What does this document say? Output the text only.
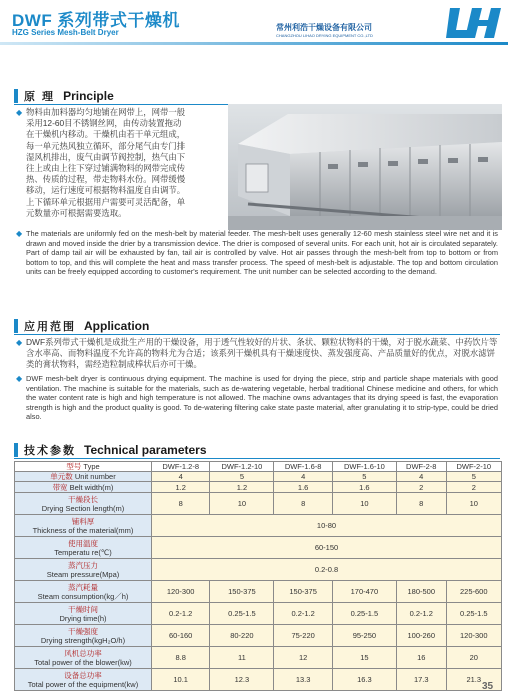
DWF 系列带式干燥机
HZG Series Mesh-Belt Dryer
常州利浩干燥设备有限公司
CHANGZHOU LIHAO DRYING EQUIPMENT CO.,LTD
原 理 Principle
◆ 物料由加料器均匀地铺在网带上，网带一般
采用12-60目不锈钢丝网，由传动装置拖动
在干燥机内移动。干燥机由若干单元组成，
每一单元热风独立循环，部分尾气由专门排
湿风机排出，废气由调节阀控制，热气由下
往上或由上往下穿过铺满物料的网带完成传
热、传质的过程，带走物料水份。网带缓慢
移动，运行速度可根据物料温度自由调节。
上下循环单元根据用户需要可灵活配备，单
元数量亦可根据需要选取。
◆ The materials are uniformly fed on the mesh-belt by material feeder. The mesh-belt uses generally 12-60 mesh stainless steel wire net and it is drawn and moved inside the drier by a transmission device. The drier is composed of several units. For each unit, hot air is circulated separately. Part of damp tail air will be exhausted by fan, tail air is controlled by valve. Hot air passes through the mesh-belt from top to bottom or from bottom to top, and this will complete the heat and mass transfer process. The speed of mesh-belt is adjustable. The top and bottom circulation units can be freely equipped according to customer's requirement. The unit number can be selected according to the demand.

应用范围 Application
◆ DWF系列带式干燥机是成批生产用的干燥设备，用于透气性较好的片状、条状、颗粒状物料的干燥，对于脱水蔬菜、中药饮片等含水率高、而物料温度不允许高的物料尤为合适；该系列干燥机具有干燥速度快、蒸发强度高、产品质量好的优点，对脱水滤饼类的膏状物料，需经造粒制成棒状后亦可干燥。

◆ DWF mesh-belt dryer is continuous drying equipment. The machine is used for drying the piece, strip and particle shape materials with good ventilation. The machine is suitable for the materials, such as de-watering vegetable, herbal traditional Chinese medicine and others, for which the water content rate is high and high temperature is not allowed. The machine owns advantages that its drying speed is fast, the evaporation strength is high and the product quality is good. To de-watering filtering cake state paste material, after granulating it to strip-type, could be dried also.

技术参数 Technical parameters
型号 Type	DWF-1.2-8	DWF-1.2-10	DWF-1.6-8	DWF-1.6-10	DWF-2-8	DWF-2-10
单元数 Unit number	4	5	4	5	4	5
带宽 Belt width(m)	1.2	1.2	1.6	1.6	2	2
干燥段长
Drying Section length(m)	8	10	8	10	8	10
铺料厚
Thickness of the material(mm)	10-80					
使用温度
Temperatu re(℃)	60-150					
蒸汽压力
Steam pressure(Mpa)	0.2-0.8					
蒸汽耗量
Steam consumption(kg／h)	120-300	150-375	150-375	170-470	180-500	225-600
干燥时间
Drying time(h)	0.2-1.2	0.25-1.5	0.2-1.2	0.25-1.5	0.2-1.2	0.25-1.5
干燥强度
Drying strength(kgH₂O/h)	60-160	80-220	75-220	95-250	100-260	120-300
风机总功率
Total power of the blower(kw)	8.8	11	12	15	16	20
设备总功率
Total power of the equipment(kw)	10.1	12.3	13.3	16.3	17.3	21.3
35
